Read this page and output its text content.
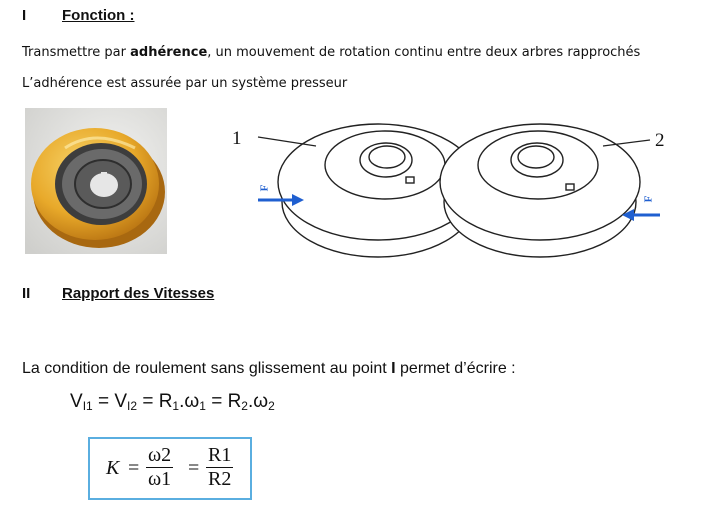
I Fonction :
Transmettre par adhérence, un mouvement de rotation continu entre deux arbres rapprochés
L’adhérence est assurée par un système presseur
1	2
F
F
II Rapport des Vitesses
La condition de roulement sans glissement au point I permet d’écrire :
$V_{I1} = V_{I2} = R_1.\omega_1 = R_2.\omega_2$
$K = \frac{\omega 2}{\omega 1} = \frac{R1}{R2}$
